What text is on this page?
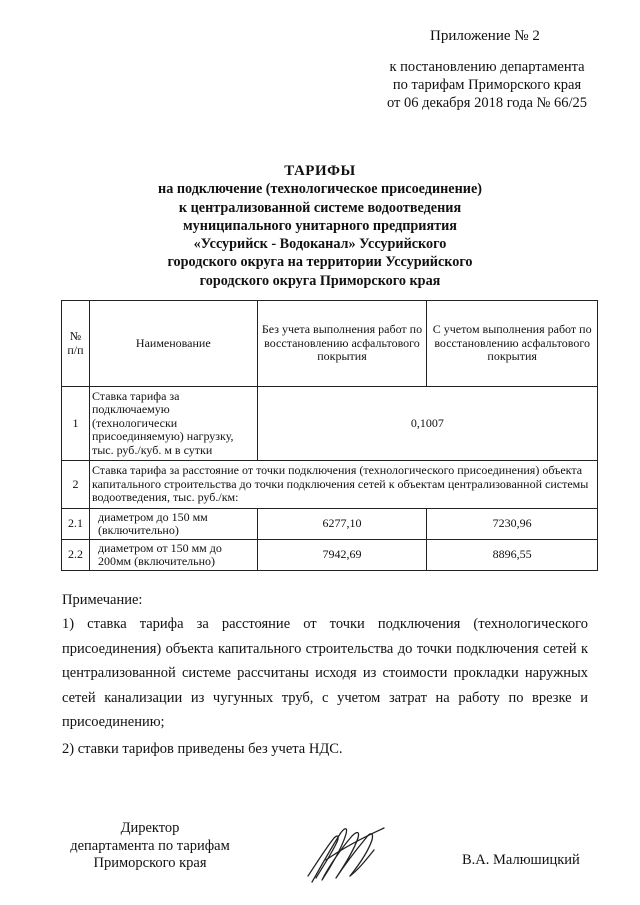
Приложение № 2
к постановлению департамента
по тарифам Приморского края
от 06 декабря 2018 года № 66/25
ТАРИФЫ
на подключение (технологическое присоединение)
к централизованной системе водоотведения
муниципального унитарного предприятия
«Уссурийск - Водоканал» Уссурийского
городского округа на территории Уссурийского
городского округа Приморского края
№ п/п	Наименование	Без учета выполнения работ по восстановлению асфальтового покрытия	С учетом выполнения работ по восстановлению асфальтового покрытия
1	Ставка тарифа за подключаемую (технологически присоединяемую) нагрузку, тыс. руб./куб. м в сутки	0,1007	
2	Ставка тарифа за расстояние от точки подключения (технологического присоединения) объекта капитального строительства до точки подключения сетей к объектам централизованной системы водоотведения, тыс. руб./км:		
2.1	диаметром до 150 мм (включительно)	6277,10	7230,96
2.2	диаметром от 150 мм до 200мм (включительно)	7942,69	8896,55
Примечание:
1) ставка тарифа за расстояние от точки подключения (технологического присоединения) объекта капитального строительства до точки подключения сетей к централизованной системе рассчитаны исходя из стоимости прокладки наружных сетей канализации из чугунных труб, с учетом затрат на работу по врезке и присоединению;
2) ставки тарифов приведены без учета НДС.
Директор
департамента по тарифам
Приморского края	В.А. Малюшицкий
